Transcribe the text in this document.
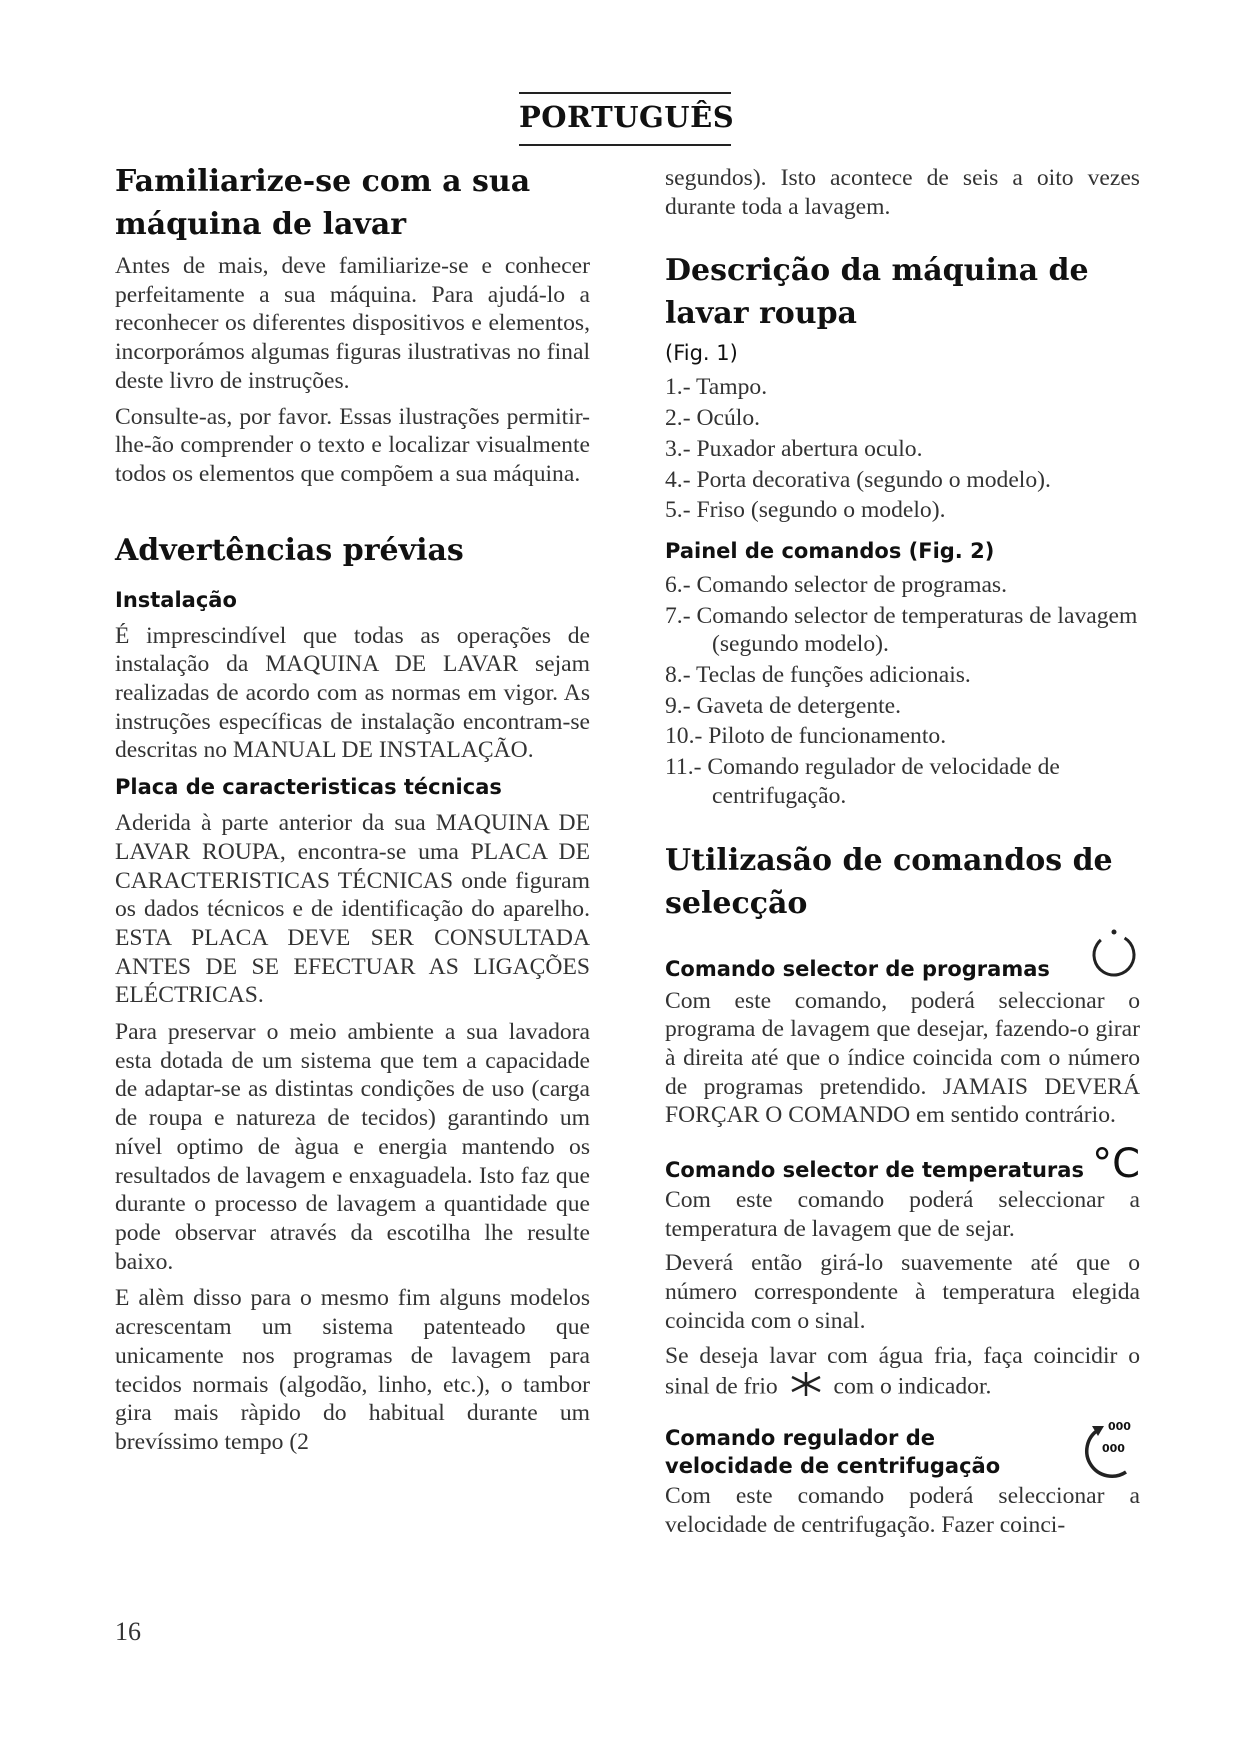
PORTUGUÊS
Familiarize-se com a sua máquina de lavar

Antes de mais, deve familiarize-se e conhecer perfeitamente a sua máquina. Para ajudá-lo a reconhecer os diferentes dispositivos e elementos, incorporámos algumas figuras ilustrativas no final deste livro de instruções.

Consulte-as, por favor. Essas ilustrações permitir-lhe-ão comprender o texto e localizar visualmente todos os elementos que compõem a sua máquina.

Advertências prévias
Instalação

É imprescindível que todas as operações de instalação da MAQUINA DE LAVAR sejam realizadas de acordo com as normas em vigor. As instruções específicas de instalação encontram-se descritas no MANUAL DE INSTALAÇÃO.

Placa de caracteristicas técnicas

Aderida à parte anterior da sua MAQUINA DE LAVAR ROUPA, encontra-se uma PLACA DE CARACTERISTICAS TÉCNICAS onde figuram os dados técnicos e de identificação do aparelho. ESTA PLACA DEVE SER CONSULTADA ANTES DE SE EFECTUAR AS LIGAÇÕES ELÉCTRICAS.

Para preservar o meio ambiente a sua lavadora esta dotada de um sistema que tem a capacidade de adaptar-se as distintas condições de uso (carga de roupa e natureza de tecidos) garantindo um nível optimo de àgua e energia mantendo os resultados de lavagem e enxaguadela. Isto faz que durante o processo de lavagem a quantidade que pode observar através da escotilha lhe resulte baixo.

E alèm disso para o mesmo fim alguns modelos acrescentam um sistema patenteado que unicamente nos programas de lavagem para tecidos normais (algodão, linho, etc.), o tambor gira mais ràpido do habitual durante um brevíssimo tempo (2

segundos). Isto acontece de seis a oito vezes durante toda a lavagem.

Descrição da máquina de lavar roupa
(Fig. 1)
1.- Tampo.
2.- Ocúlo.
3.- Puxador abertura oculo.
4.- Porta decorativa (segundo o modelo).
5.- Friso (segundo o modelo).
Painel de comandos (Fig. 2)
6.- Comando selector de programas.
7.- Comando selector de temperaturas de lavagem (segundo modelo).
8.- Teclas de funções adicionais.
9.- Gaveta de detergente.
10.- Piloto de funcionamento.
11.- Comando regulador de velocidade de centrifugação.
Utilizasão de comandos de selecção
Comando selector de programas

Com este comando, poderá seleccionar o programa de lavagem que desejar, fazendo-o girar à direita até que o índice coincida com o número de programas pretendido. JAMAIS DEVERÁ FORÇAR O COMANDO em sentido contrário.

Comando selector de temperaturas °C

Com este comando poderá seleccionar a temperatura de lavagem que de sejar.

Deverá então girá-lo suavemente até que o número correspondente à temperatura elegida coincida com o sinal.

Se deseja lavar com água fria, faça coincidir o sinal de frio com o indicador.

Comando regulador de velocidade de centrifugação
000
000

Com este comando poderá seleccionar a velocidade de centrifugação. Fazer coinci-

16
